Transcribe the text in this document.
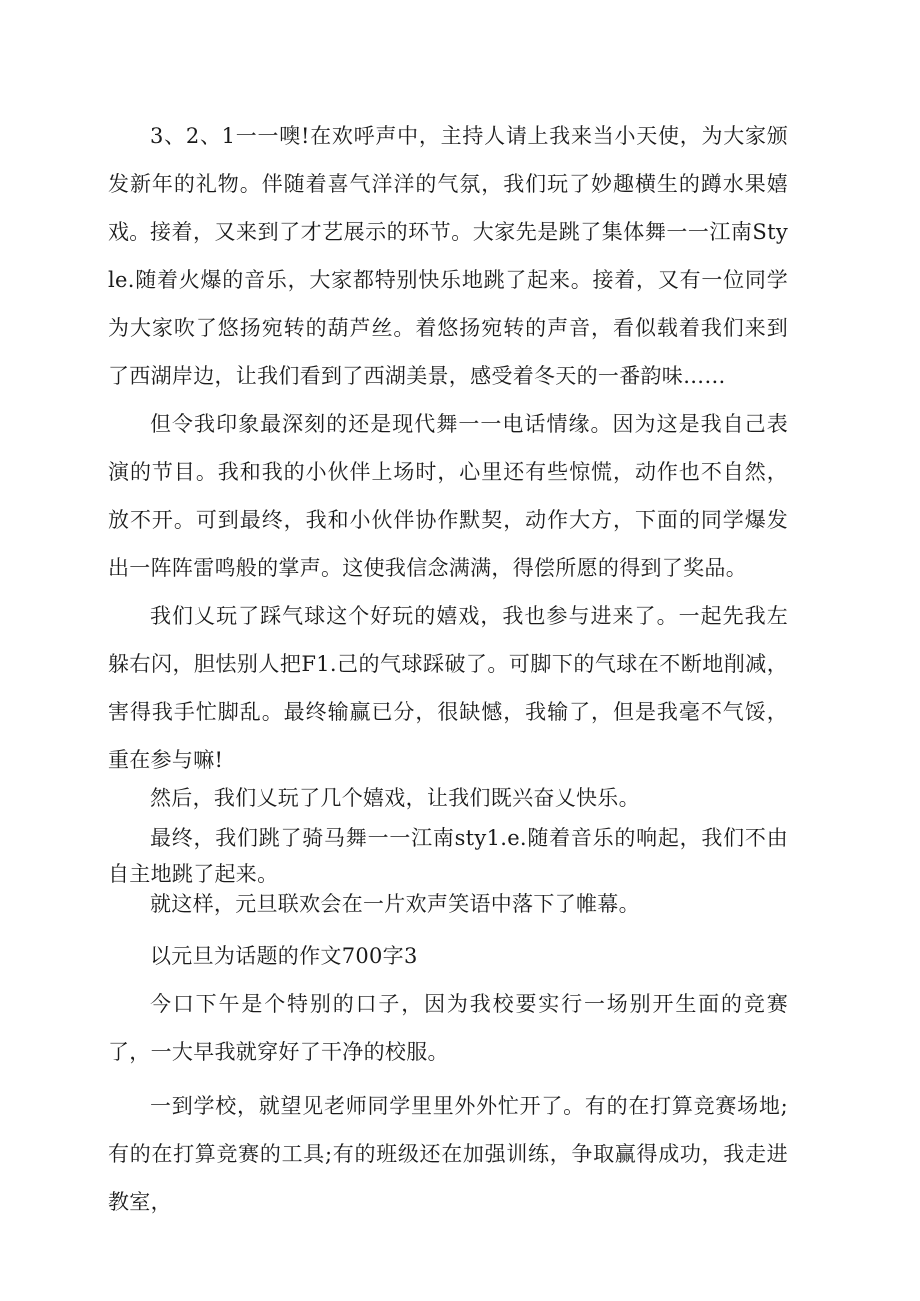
3、2、1一一噢!在欢呼声中，主持人请上我来当小天使，为大家颁发新年的礼物。伴随着喜气洋洋的气氛，我们玩了妙趣横生的蹲水果嬉戏。 接着，又来到了才艺展示的环节。大家先是跳了集体舞一一江南Style.随着火爆的音乐，大家都特别快乐地跳了起来。接着，又有一位同学为大家吹了悠扬宛转的葫芦丝。着悠扬宛转的声音，看似载着我们来到了西湖岸边，让我们看到了西湖美景，感受着冬天的一番韵味……

但令我印象最深刻的还是现代舞一一电话情缘。因为这是我自己表演的节目。我和我的小伙伴上场时，心里还有些惊慌，动作也不自然，放不开。可到最终，我和小伙伴协作默契，动作大方，下面的同学爆发出一阵阵雷鸣般的掌声。这使我信念满满，得偿所愿的得到了奖品。

我们乂玩了踩气球这个好玩的嬉戏，我也参与进来了。一起先我左躲右闪，胆怯别人把F1.己的气球踩破了。可脚下的气球在不断地削减，害得我手忙脚乱。最终输赢已分，很缺憾，我输了，但是我毫不气馁，重在参与嘛!

然后，我们乂玩了几个嬉戏，让我们既兴奋乂快乐。

最终，我们跳了骑马舞一一江南sty1.e.随着音乐的响起，我们不由自主地跳了起来。

就这样，元旦联欢会在一片欢声笑语中落下了帷幕。

以元旦为话题的作文700字3

今口下午是个特别的口子，因为我校要实行一场别开生面的竞赛了，一大早我就穿好了干净的校服。

一到学校，就望见老师同学里里外外忙开了。有的在打算竞赛场地;有的在打算竞赛的工具;有的班级还在加强训练，争取赢得成功，我走进教室，
